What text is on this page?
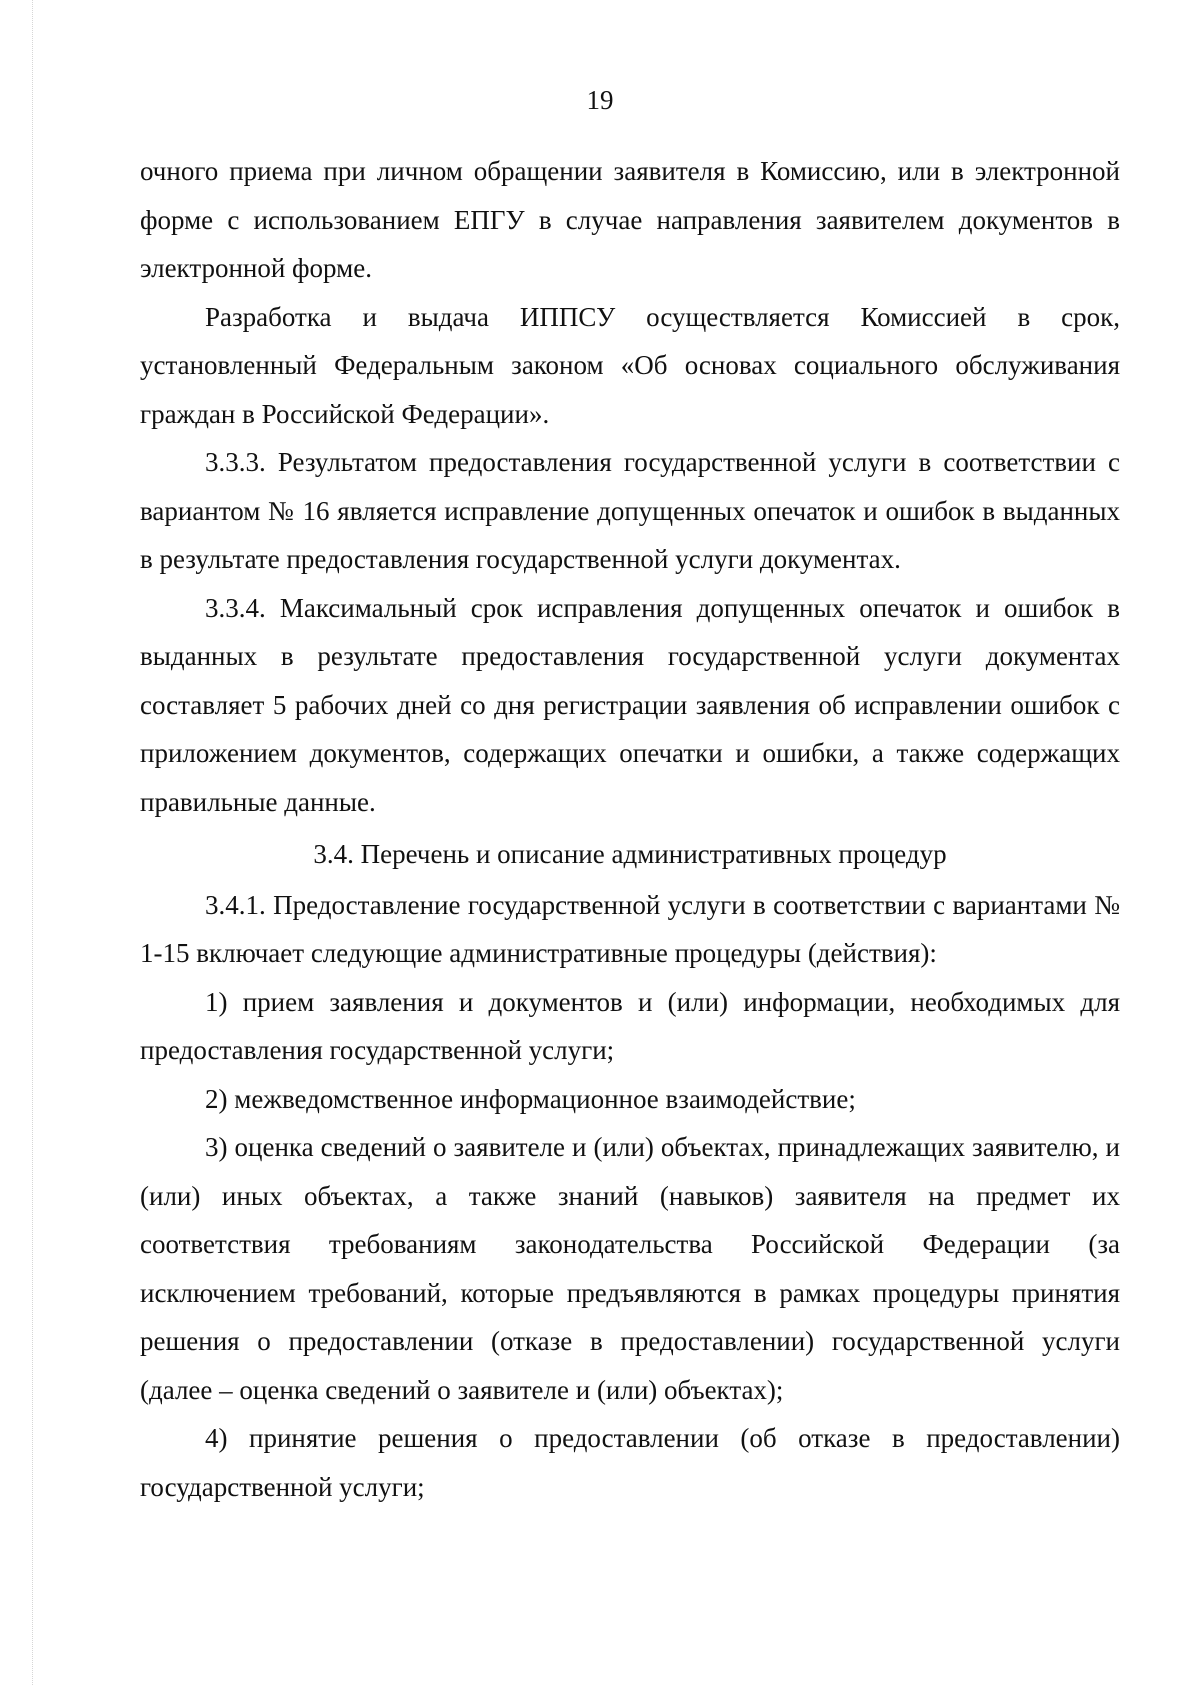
19

очного приема при личном обращении заявителя в Комиссию, или в электронной форме с использованием ЕПГУ в случае направления заявителем документов в электронной форме.

Разработка и выдача ИППСУ осуществляется Комиссией в срок, установленный Федеральным законом «Об основах социального обслуживания граждан в Российской Федерации».

3.3.3. Результатом предоставления государственной услуги в соответствии с вариантом № 16 является исправление допущенных опечаток и ошибок в выданных в результате предоставления государственной услуги документах.

3.3.4. Максимальный срок исправления допущенных опечаток и ошибок в выданных в результате предоставления государственной услуги документах составляет 5 рабочих дней со дня регистрации заявления об исправлении ошибок с приложением документов, содержащих опечатки и ошибки, а также содержащих правильные данные.

3.4. Перечень и описание административных процедур

3.4.1. Предоставление государственной услуги в соответствии с вариантами № 1-15 включает следующие административные процедуры (действия):

1) прием заявления и документов и (или) информации, необходимых для предоставления государственной услуги;

2) межведомственное информационное взаимодействие;

3) оценка сведений о заявителе и (или) объектах, принадлежащих заявителю, и (или) иных объектах, а также знаний (навыков) заявителя на предмет их соответствия требованиям законодательства Российской Федерации (за исключением требований, которые предъявляются в рамках процедуры принятия решения о предоставлении (отказе в предоставлении) государственной услуги (далее – оценка сведений о заявителе и (или) объектах);

4) принятие решения о предоставлении (об отказе в предоставлении) государственной услуги;
